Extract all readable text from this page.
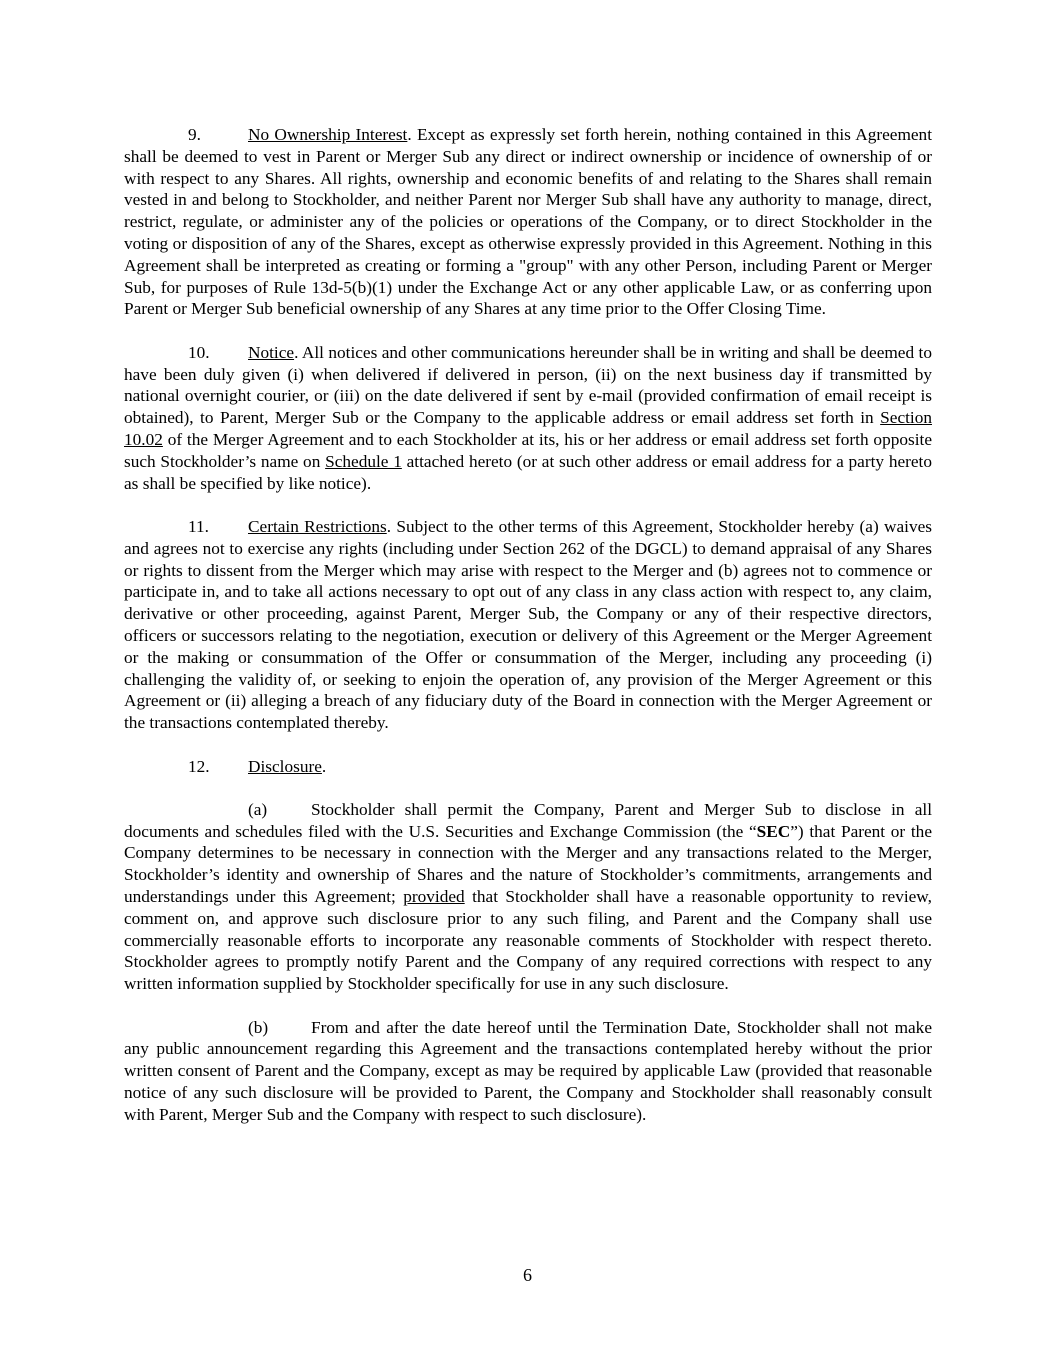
9.	No Ownership Interest. Except as expressly set forth herein, nothing contained in this Agreement shall be deemed to vest in Parent or Merger Sub any direct or indirect ownership or incidence of ownership of or with respect to any Shares. All rights, ownership and economic benefits of and relating to the Shares shall remain vested in and belong to Stockholder, and neither Parent nor Merger Sub shall have any authority to manage, direct, restrict, regulate, or administer any of the policies or operations of the Company, or to direct Stockholder in the voting or disposition of any of the Shares, except as otherwise expressly provided in this Agreement. Nothing in this Agreement shall be interpreted as creating or forming a "group" with any other Person, including Parent or Merger Sub, for purposes of Rule 13d-5(b)(1) under the Exchange Act or any other applicable Law, or as conferring upon Parent or Merger Sub beneficial ownership of any Shares at any time prior to the Offer Closing Time.

10. Notice. All notices and other communications hereunder shall be in writing and shall be deemed to have been duly given (i) when delivered if delivered in person, (ii) on the next business day if transmitted by national overnight courier, or (iii) on the date delivered if sent by e-mail (provided confirmation of email receipt is obtained), to Parent, Merger Sub or the Company to the applicable address or email address set forth in Section 10.02 of the Merger Agreement and to each Stockholder at its, his or her address or email address set forth opposite such Stockholder’s name on Schedule 1 attached hereto (or at such other address or email address for a party hereto as shall be specified by like notice).

11. Certain Restrictions. Subject to the other terms of this Agreement, Stockholder hereby (a) waives and agrees not to exercise any rights (including under Section 262 of the DGCL) to demand appraisal of any Shares or rights to dissent from the Merger which may arise with respect to the Merger and (b) agrees not to commence or participate in, and to take all actions necessary to opt out of any class in any class action with respect to, any claim, derivative or other proceeding, against Parent, Merger Sub, the Company or any of their respective directors, officers or successors relating to the negotiation, execution or delivery of this Agreement or the Merger Agreement or the making or consummation of the Offer or consummation of the Merger, including any proceeding (i) challenging the validity of, or seeking to enjoin the operation of, any provision of the Merger Agreement or this Agreement or (ii) alleging a breach of any fiduciary duty of the Board in connection with the Merger Agreement or the transactions contemplated thereby.

12. Disclosure.

(a)	Stockholder shall permit the Company, Parent and Merger Sub to disclose in all documents and schedules filed with the U.S. Securities and Exchange Commission (the “SEC”) that Parent or the Company determines to be necessary in connection with the Merger and any transactions related to the Merger, Stockholder’s identity and ownership of Shares and the nature of Stockholder’s commitments, arrangements and understandings under this Agreement; provided that Stockholder shall have a reasonable opportunity to review, comment on, and approve such disclosure prior to any such filing, and Parent and the Company shall use commercially reasonable efforts to incorporate any reasonable comments of Stockholder with respect thereto. Stockholder agrees to promptly notify Parent and the Company of any required corrections with respect to any written information supplied by Stockholder specifically for use in any such disclosure.

(b) From and after the date hereof until the Termination Date, Stockholder shall not make any public announcement regarding this Agreement and the transactions contemplated hereby without the prior written consent of Parent and the Company, except as may be required by applicable Law (provided that reasonable notice of any such disclosure will be provided to Parent, the Company and Stockholder shall reasonably consult with Parent, Merger Sub and the Company with respect to such disclosure).

6
